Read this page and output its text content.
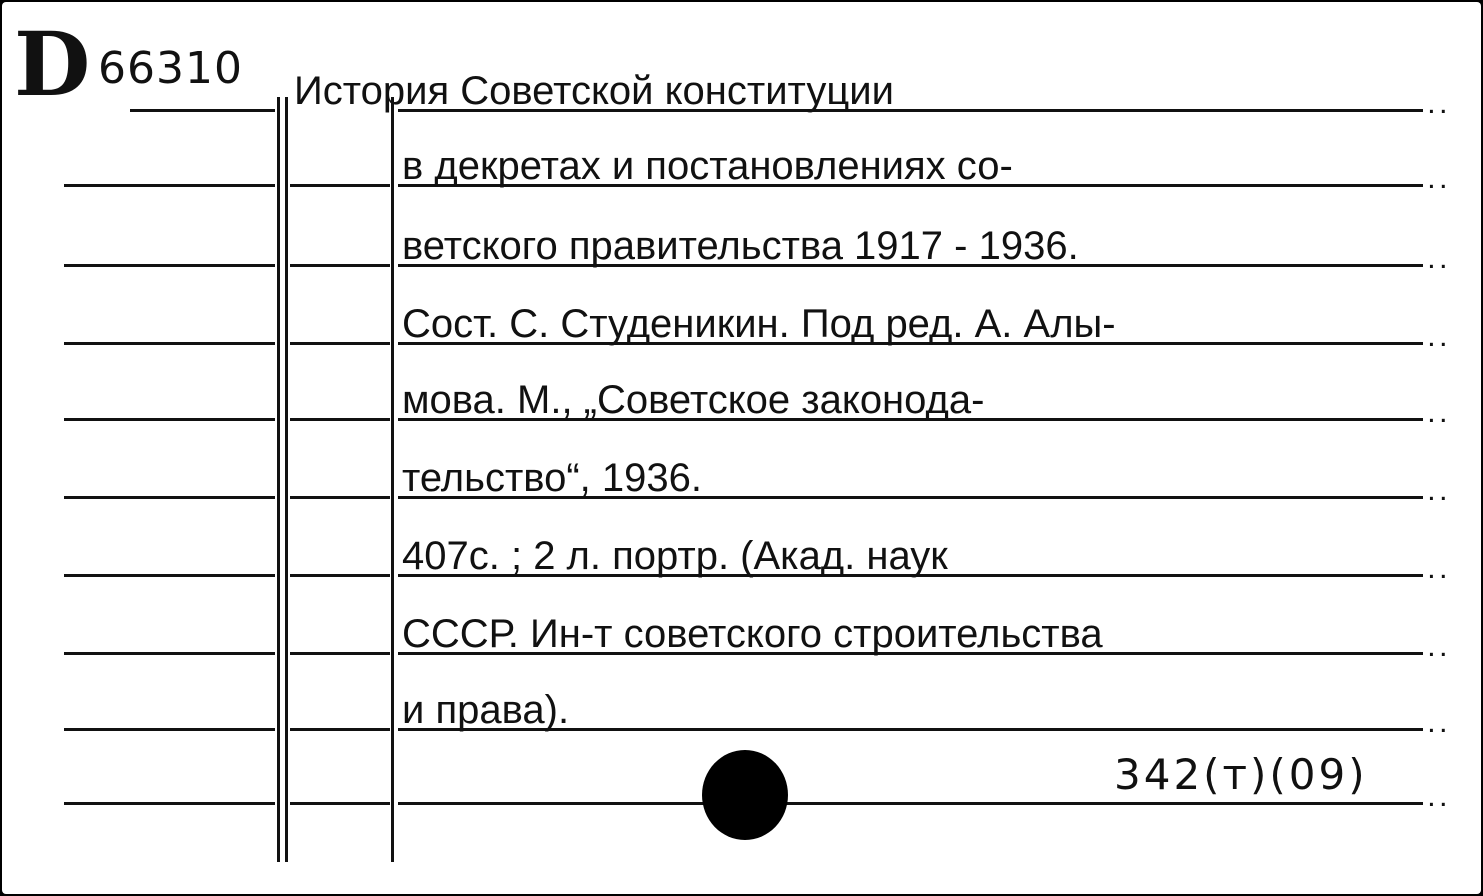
..
..
..
..
..
..
..
..
..
..
D 66310 История Советской конституции
в декретах и постановлениях со-
ветского правительства 1917 - 1936.
Сост. С. Студеникин. Под ред. А. Алы-
мова. М., „Советское законода-
тельство“, 1936.
407с. ; 2 л. портр. (Акад. наук
СССР. Ин-т советского строительства
и права).
342(т)(09)
